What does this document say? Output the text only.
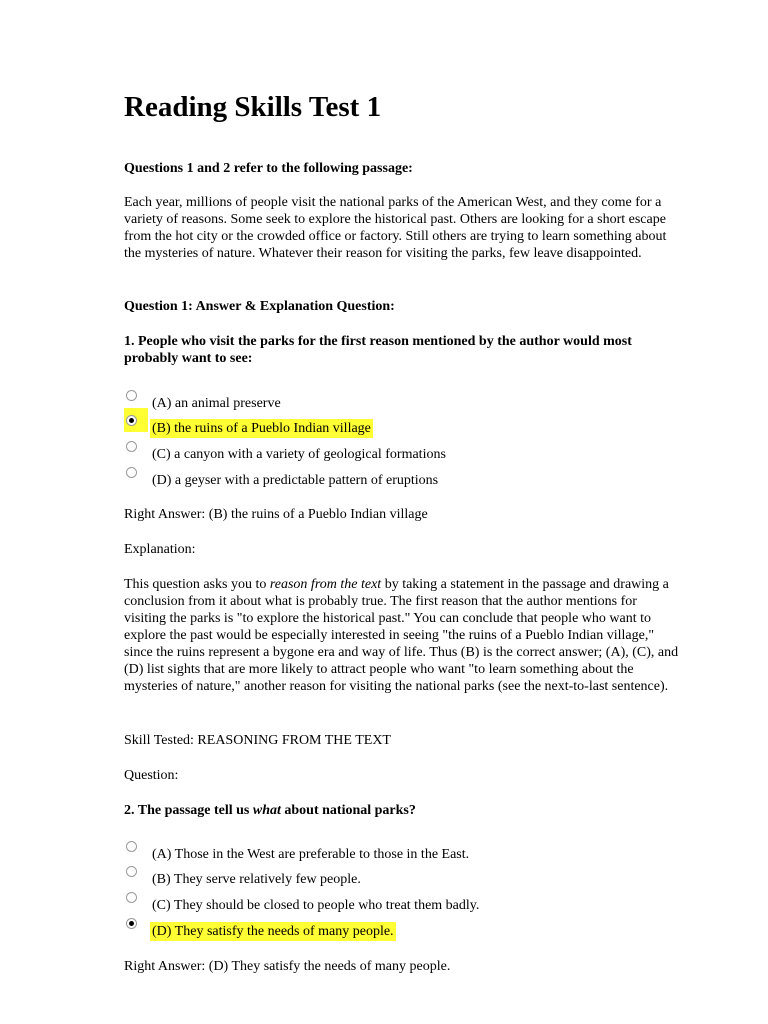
Reading Skills Test 1

Questions 1 and 2 refer to the following passage:

Each year, millions of people visit the national parks of the American West, and they come for a variety of reasons. Some seek to explore the historical past. Others are looking for a short escape from the hot city or the crowded office or factory. Still others are trying to learn something about the mysteries of nature. Whatever their reason for visiting the parks, few leave disappointed.

Question 1: Answer & Explanation Question:

1. People who visit the parks for the first reason mentioned by the author would most probably want to see:

(A) an animal preserve
(B) the ruins of a Pueblo Indian village
(C) a canyon with a variety of geological formations
(D) a geyser with a predictable pattern of eruptions

Right Answer: (B) the ruins of a Pueblo Indian village

Explanation:

This question asks you to reason from the text by taking a statement in the passage and drawing a conclusion from it about what is probably true. The first reason that the author mentions for visiting the parks is "to explore the historical past." You can conclude that people who want to explore the past would be especially interested in seeing "the ruins of a Pueblo Indian village," since the ruins represent a bygone era and way of life. Thus (B) is the correct answer; (A), (C), and (D) list sights that are more likely to attract people who want "to learn something about the mysteries of nature," another reason for visiting the national parks (see the next-to-last sentence).

Skill Tested: REASONING FROM THE TEXT

Question:

2. The passage tell us what about national parks?

(A) Those in the West are preferable to those in the East.
(B) They serve relatively few people.
(C) They should be closed to people who treat them badly.
(D) They satisfy the needs of many people.

Right Answer: (D) They satisfy the needs of many people.
